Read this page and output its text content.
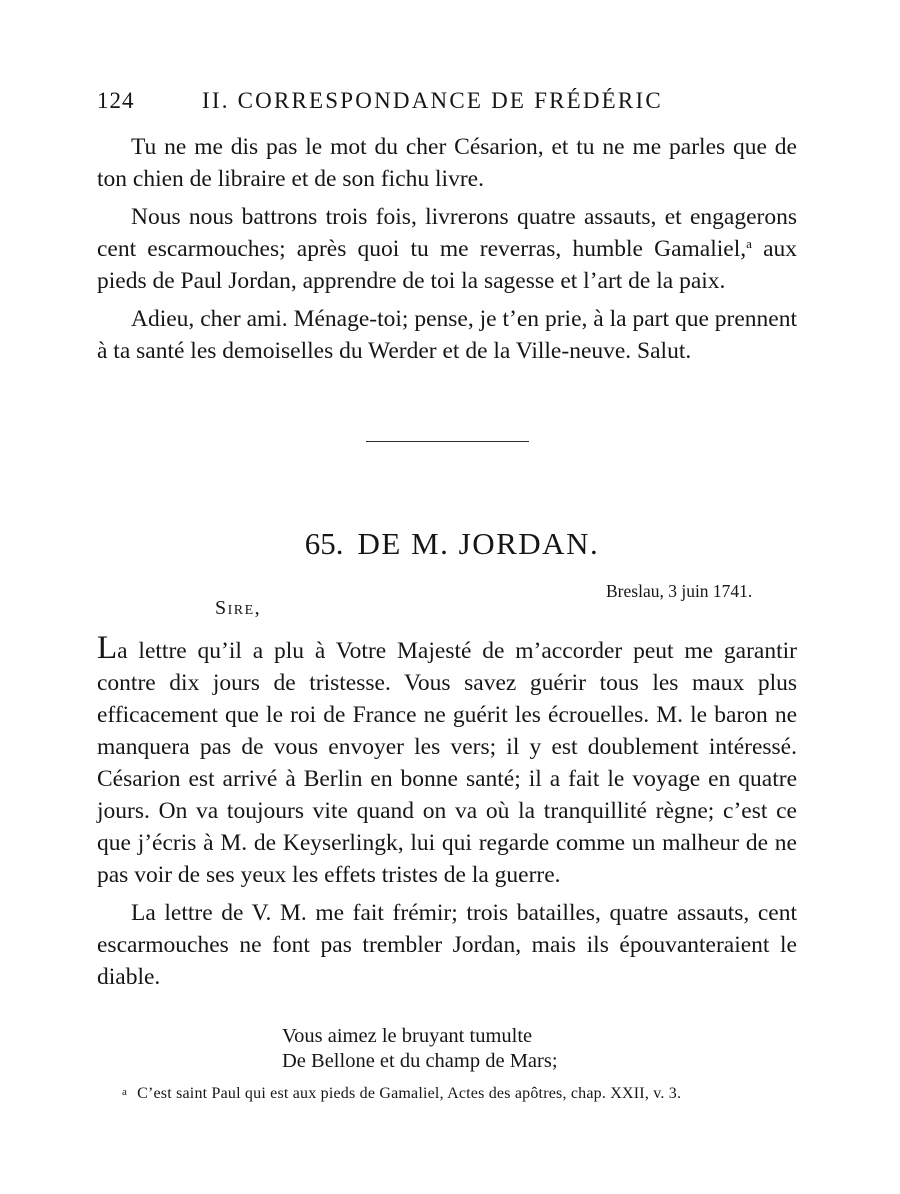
124	II. CORRESPONDANCE DE FRÉDÉRIC

Tu ne me dis pas le mot du cher Césarion, et tu ne me parles que de ton chien de libraire et de son fichu livre.

Nous nous battrons trois fois, livrerons quatre assauts, et engagerons cent escarmouches; après quoi tu me reverras, humble Gamaliel,$^a$ aux pieds de Paul Jordan, apprendre de toi la sagesse et l’art de la paix.

Adieu, cher ami. Ménage-toi; pense, je t’en prie, à la part que prennent à ta santé les demoiselles du Werder et de la Ville-neuve. Salut.

65. DE M. JORDAN.
Breslau, 3 juin 1741.
Sire,

La lettre qu’il a plu à Votre Majesté de m’accorder peut me garantir contre dix jours de tristesse. Vous savez guérir tous les maux plus efficacement que le roi de France ne guérit les écrouelles. M. le baron ne manquera pas de vous envoyer les vers; il y est doublement intéressé. Césarion est arrivé à Berlin en bonne santé; il a fait le voyage en quatre jours. On va toujours vite quand on va où la tranquillité règne; c’est ce que j’écris à M. de Keyserlingk, lui qui regarde comme un malheur de ne pas voir de ses yeux les effets tristes de la guerre.

La lettre de V. M. me fait frémir; trois batailles, quatre assauts, cent escarmouches ne font pas trembler Jordan, mais ils épouvanteraient le diable.

Vous aimez le bruyant tumulte
De Bellone et du champ de Mars;
a C’est saint Paul qui est aux pieds de Gamaliel, Actes des apôtres, chap. XXII, v. 3.
